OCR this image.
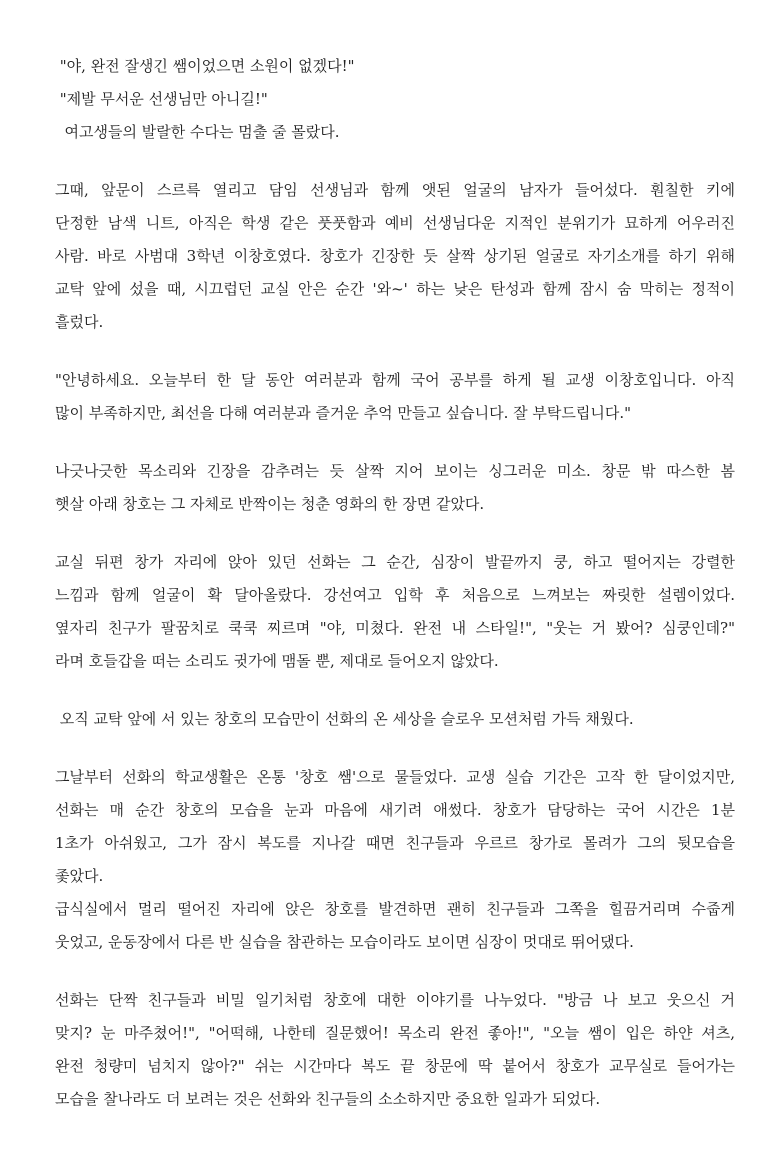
"야, 완전 잘생긴 쌤이었으면 소원이 없겠다!"
"제발 무서운 선생님만 아니길!"
여고생들의 발랄한 수다는 멈출 줄 몰랐다.
그때, 앞문이 스르륵 열리고 담임 선생님과 함께 앳된 얼굴의 남자가 들어섰다. 훤칠한 키에
단정한 남색 니트, 아직은 학생 같은 풋풋함과 예비 선생님다운 지적인 분위기가 묘하게 어우러진
사람. 바로 사범대 3학년 이창호였다. 창호가 긴장한 듯 살짝 상기된 얼굴로 자기소개를 하기 위해
교탁 앞에 섰을 때, 시끄럽던 교실 안은 순간 '와~' 하는 낮은 탄성과 함께 잠시 숨 막히는 정적이
흘렀다.
"안녕하세요. 오늘부터 한 달 동안 여러분과 함께 국어 공부를 하게 될 교생 이창호입니다. 아직
많이 부족하지만, 최선을 다해 여러분과 즐거운 추억 만들고 싶습니다. 잘 부탁드립니다."
나긋나긋한 목소리와 긴장을 감추려는 듯 살짝 지어 보이는 싱그러운 미소. 창문 밖 따스한 봄
햇살 아래 창호는 그 자체로 반짝이는 청춘 영화의 한 장면 같았다.
교실 뒤편 창가 자리에 앉아 있던 선화는 그 순간, 심장이 발끝까지 쿵, 하고 떨어지는 강렬한
느낌과 함께 얼굴이 확 달아올랐다. 강선여고 입학 후 처음으로 느껴보는 짜릿한 설렘이었다.
옆자리 친구가 팔꿈치로 쿡쿡 찌르며 "야, 미쳤다. 완전 내 스타일!", "웃는 거 봤어? 심쿵인데?"
라며 호들갑을 떠는 소리도 귓가에 맴돌 뿐, 제대로 들어오지 않았다.
오직 교탁 앞에 서 있는 창호의 모습만이 선화의 온 세상을 슬로우 모션처럼 가득 채웠다.
그날부터 선화의 학교생활은 온통 '창호 쌤'으로 물들었다. 교생 실습 기간은 고작 한 달이었지만,
선화는 매 순간 창호의 모습을 눈과 마음에 새기려 애썼다. 창호가 담당하는 국어 시간은 1분
1초가 아쉬웠고, 그가 잠시 복도를 지나갈 때면 친구들과 우르르 창가로 몰려가 그의 뒷모습을
좇았다.
급식실에서 멀리 떨어진 자리에 앉은 창호를 발견하면 괜히 친구들과 그쪽을 힐끔거리며 수줍게
웃었고, 운동장에서 다른 반 실습을 참관하는 모습이라도 보이면 심장이 멋대로 뛰어댔다.
선화는 단짝 친구들과 비밀 일기처럼 창호에 대한 이야기를 나누었다. "방금 나 보고 웃으신 거
맞지? 눈 마주쳤어!", "어떡해, 나한테 질문했어! 목소리 완전 좋아!", "오늘 쌤이 입은 하얀 셔츠,
완전 청량미 넘치지 않아?" 쉬는 시간마다 복도 끝 창문에 딱 붙어서 창호가 교무실로 들어가는
모습을 찰나라도 더 보려는 것은 선화와 친구들의 소소하지만 중요한 일과가 되었다.
